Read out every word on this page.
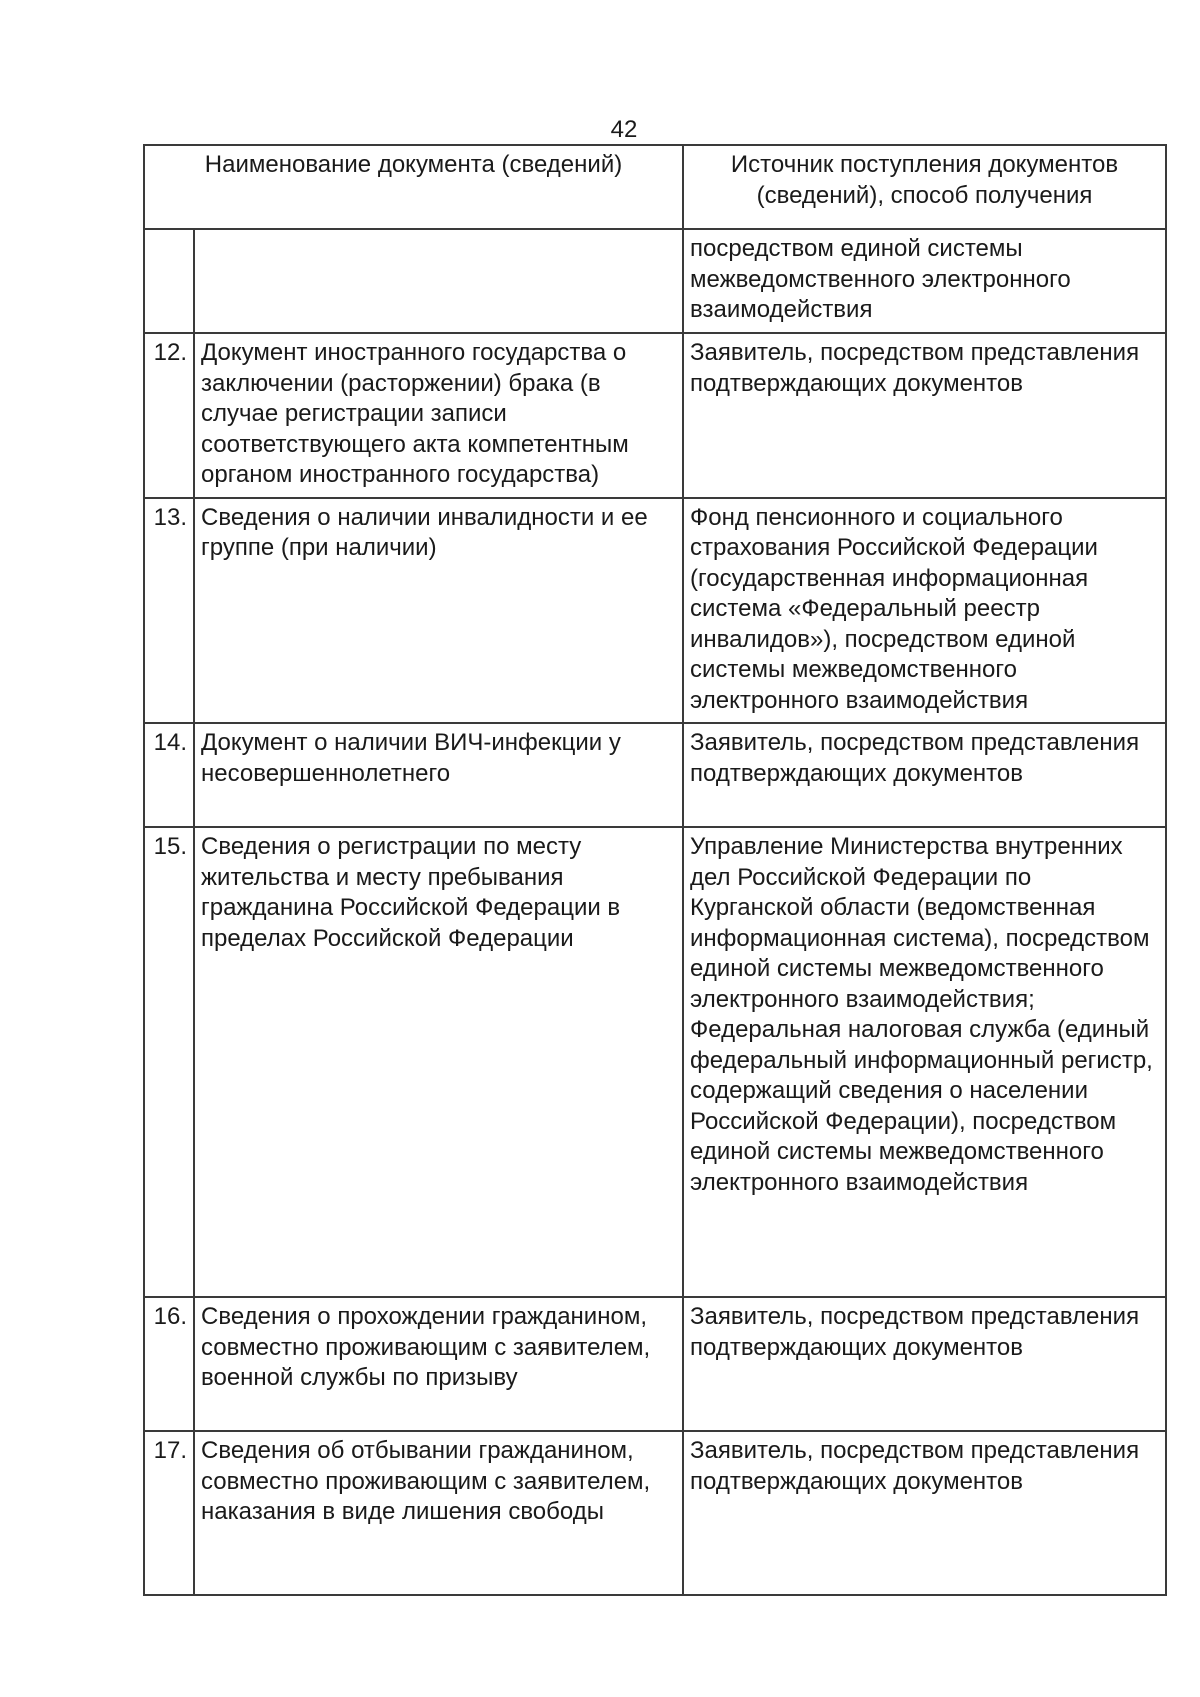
42
Наименование документа (сведений)		Источник поступления документов (сведений), способ получения
		посредством единой системы межведомственного электронного взаимодействия
12.	Документ иностранного государства о заключении (расторжении) брака (в случае регистрации записи соответствующего акта компетентным органом иностранного государства)	Заявитель, посредством представления подтверждающих документов
13.	Сведения о наличии инвалидности и ее группе (при наличии)	Фонд пенсионного и социального страхования Российской Федерации (государственная информационная система «Федеральный реестр инвалидов»), посредством единой системы межведомственного электронного взаимодействия
14.	Документ о наличии ВИЧ-инфекции у несовершеннолетнего	Заявитель, посредством представления подтверждающих документов
15.	Сведения о регистрации по месту жительства и месту пребывания гражданина Российской Федерации в пределах Российской Федерации	Управление Министерства внутренних дел Российской Федерации по Курганской области (ведомственная информационная система), посредством единой системы межведомственного электронного взаимодействия; Федеральная налоговая служба (единый федеральный информационный регистр, содержащий сведения о населении Российской Федерации), посредством единой системы межведомственного электронного взаимодействия
16.	Сведения о прохождении гражданином, совместно проживающим с заявителем, военной службы по призыву	Заявитель, посредством представления подтверждающих документов
17.	Сведения об отбывании гражданином, совместно проживающим с заявителем, наказания в виде лишения свободы	Заявитель, посредством представления подтверждающих документов
